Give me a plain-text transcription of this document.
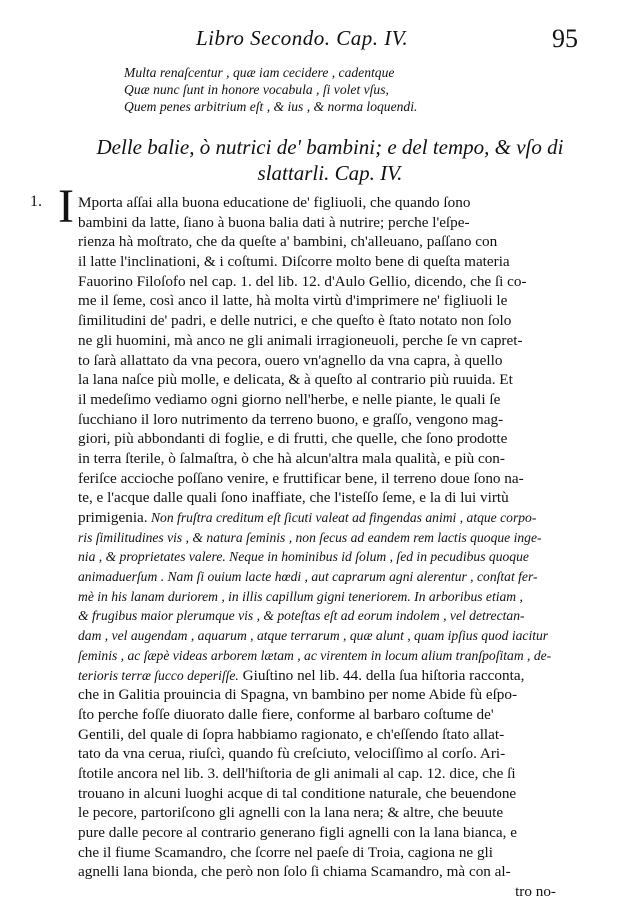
Libro Secondo. Cap. IV.	95
Multa renaſcentur , quæ iam cecidere , cadentque
Quæ nunc ſunt in honore vocabula , ſi volet vſus,
Quem penes arbitrium eſt , & ius , & norma loquendi.
Delle balie, ò nutrici de' bambini; e del tempo, & vſo di
slattarli. Cap. IV.
1. I Mporta aſſai alla buona educatione de' figliuoli, che quando ſono
bambini da latte, ſiano à buona balia dati à nutrire; perche l'eſpe-
rienza hà moſtrato, che da queſte a' bambini, ch'alleuano, paſſano con
il latte l'inclinationi, & i coſtumi. Diſcorre molto bene di queſta materia
Fauorino Filoſofo nel cap. 1. del lib. 12. d'Aulo Gellio, dicendo, che ſi co-
me il ſeme, così anco il latte, hà molta virtù d'imprimere ne' figliuoli le
ſimilitudini de' padri, e delle nutrici, e che queſto è ſtato notato non ſolo
ne gli huomini, mà anco ne gli animali irragioneuoli, perche ſe vn capret-
to ſarà allattato da vna pecora, ouero vn'agnello da vna capra, à quello
la lana naſce più molle, e delicata, & à queſto al contrario più ruuida. Et
il medeſimo vediamo ogni giorno nell'herbe, e nelle piante, le quali ſe
ſucchiano il loro nutrimento da terreno buono, e graſſo, vengono mag-
giori, più abbondanti di foglie, e di frutti, che quelle, che ſono prodotte
in terra ſterile, ò ſalmaſtra, ò che hà alcun'altra mala qualità, e più con-
feriſce accioche poſſano venire, e fruttificar bene, il terreno doue ſono na-
te, e l'acque dalle quali ſono inaffiate, che l'isteſſo ſeme, e la di lui virtù
primigenia. Non fruſtra creditum eſt ſicuti valeat ad fingendas animi , atque corpo-
ris ſimilitudines vis , & natura ſeminis , non ſecus ad eandem rem lactis quoque inge-
nia , & proprietates valere. Neque in hominibus id ſolum , ſed in pecudibus quoque
animaduerſum . Nam ſi ouium lacte hœdi , aut caprarum agni alerentur , conſtat fer-
mè in his lanam duriorem , in illis capillum gigni teneriorem. In arboribus etiam ,
& frugibus maior plerumque vis , & poteſtas eſt ad eorum indolem , vel detrectan-
dam , vel augendam , aquarum , atque terrarum , quæ alunt , quam ipſius quod iacitur
ſeminis , ac ſæpè videas arborem lætam , ac virentem in locum alium tranſpoſitam , de-
terioris terræ ſucco deperiſſe. Giuſtino nel lib. 44. della ſua hiſtoria racconta,
che in Galitia prouincia di Spagna, vn bambino per nome Abide fù eſpo-
ſto perche foſſe diuorato dalle fiere, conforme al barbaro coſtume de'
Gentili, del quale di ſopra habbiamo ragionato, e ch'eſſendo ſtato allat-
tato da vna cerua, riuſcì, quando fù creſciuto, velociſſimo al corſo. Ari-
ſtotile ancora nel lib. 3. dell'hiſtoria de gli animali al cap. 12. dice, che ſi
trouano in alcuni luoghi acque di tal conditione naturale, che beuendone
le pecore, partoriſcono gli agnelli con la lana nera; & altre, che beuute
pure dalle pecore al contrario generano figli agnelli con la lana bianca, e
che il fiume Scamandro, che ſcorre nel paeſe di Troia, cagiona ne gli
agnelli lana bionda, che però non ſolo ſi chiama Scamandro, mà con al-
tro no-
